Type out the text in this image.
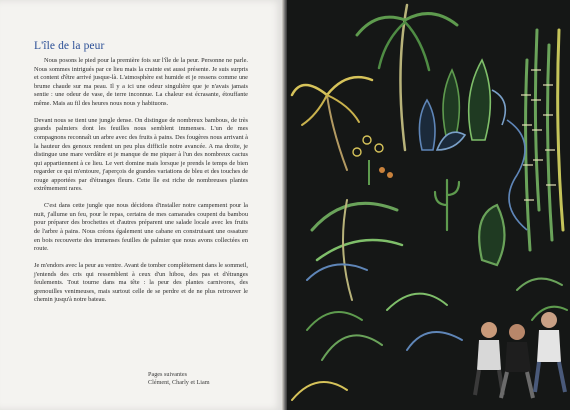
L'île de la peur

Nous posons le pied pour la première fois sur l'île de la peur. Personne ne parle. Nous sommes intrigués par ce lieu mais la crainte est aussi présente. Je suis surpris et content d'être arrivé jusque-là. L'atmosphère est humide et je ressens comme une brume chaude sur ma peau. Il y a ici une odeur singulière que je n'avais jamais sentie : une odeur de vase, de terre inconnue. La chaleur est écrasante, étouffante même. Mais au fil des heures nous nous y habituons.

Devant nous se tient une jungle dense. On distingue de nombreux bambous, de très grands palmiers dont les feuilles nous semblent immenses. L'un de mes compagnons reconnaît un arbre avec des fruits à pains. Des fougères nous arrivant à la hauteur des genoux rendent un peu plus difficile notre avancée. A ma droite, je distingue une mare verdâtre et je manque de me piquer à l'un des nombreux cactus qui appartiennent à ce lieu. Le vert domine mais lorsque je prends le temps de bien regarder ce qui m'entoure, j'aperçois de grandes variations de bleu et des touches de rouge apportées par d'étranges fleurs. Cette île est riche de nombreuses plantes extrêmement rares.

C'est dans cette jungle que nous décidons d'installer notre campement pour la nuit, j'allume un feu, pour le repas, certains de mes camarades coupent du bambou pour préparer des brochettes et d'autres préparent une salade locale avec les fruits de l'arbre à pains. Nous créons également une cabane en construisant une ossature en bois recouverte des immenses feuilles de palmier que nous avons collectées en route.

Je m'endors avec la peur au ventre. Avant de tomber complètement dans le sommeil, j'entends des cris qui ressemblent à ceux d'un hibou, des pas et d'étranges feulements. Tout tourne dans ma tête : la peur des plantes carnivores, des grenouilles venimeuses, mais surtout celle de se perdre et de ne plus retrouver le chemin jusqu'à notre bateau.

Pages suivantes
Clément, Charly et Liam
